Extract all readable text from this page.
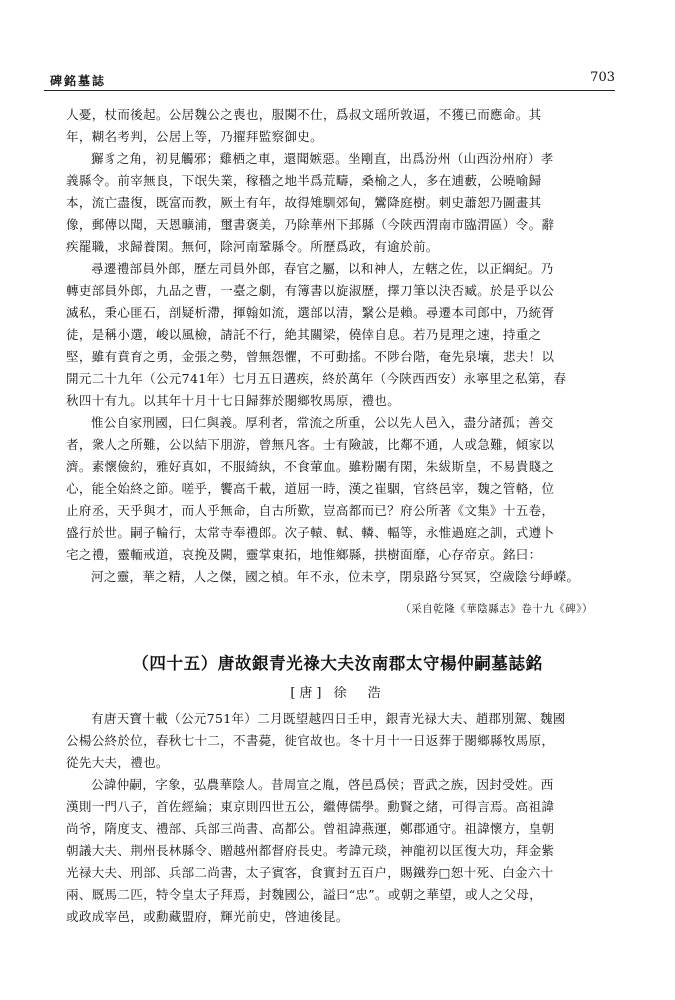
碑銘墓誌	703

人憂，杖而後起。公居魏公之喪也，服闋不仕，爲叔文瑶所敦逼，不獲已而應命。其
年，糊名考判，公居上等，乃擢拜監察御史。

獬豸之角，初見觸邪；雞栖之車，還聞嫉惡。坐剛直，出爲汾州（山西汾州府）孝
義縣令。前宰無良，下氓失業，稼穡之地半爲荒疇，桑榆之人，多在逋藪，公曉喻歸
本，流亡盡復，既富而教，厥土有年，故得雉馴郊甸，鸞降庭樹。刺史蕭恕乃圖畫其
像，郵傳以聞，天恩曠浦，璽書褒美，乃除華州下邽縣（今陝西渭南市臨渭區）令。辭
疾罷職，求歸養閑。無何，除河南鞏縣令。所歷爲政，有逾於前。

尋遷禮部員外郎，歷左司員外郎，春官之屬，以和神人，左轄之佐，以正綱紀。乃
轉吏部員外郎，九品之曹，一臺之劇，有簿書以旋淑歷，擇刀筆以決否臧。於是乎以公
滅私，秉心匪石，剖疑析滯，揮翰如流，選部以清，繄公是賴。尋遷本司郎中，乃統胥
徒，是稱小選，峻以風檢，請託不行，絶其關梁，僥倖自息。若乃見理之速，持重之
堅，雖有賁育之勇，金張之勢，曾無怨懼，不可動搖。不陟台階，奄先泉壤，悲夫！以
開元二十九年（公元741年）七月五日遘疾，終於萬年（今陝西西安）永寧里之私第，春
秋四十有九。以其年十月十七日歸葬於閿鄉牧馬原，禮也。

惟公自家刑國，曰仁與義。厚利者，常流之所重，公以先人邑入，盡分諸孤；善交
者，衆人之所難，公以結下朋游，曾無凡客。士有險詖，比鄰不通，人或急難，傾家以
濟。素懷儉約，雅好真如，不服綺紈，不食葷血。雖粉闈有閑，朱紱斯皇，不易貴賤之
心，能全始終之節。嗟乎，饗高千載，道屈一時，漢之崔駰，官終邑宰，魏之管輅，位
止府丞，天乎與才，而人乎無命，自古所歎，豈高都而已？府公所著《文集》十五卷，
盛行於世。嗣子輪行，太常寺奉禮郎。次子轅、軾、轔、輻等，永惟過庭之訓，式遵卜
宅之禮，靈輀戒道，哀挽及闕，靈掌東拓，地惟鄉縣，拱樹面靡，心存帝京。銘曰：

河之靈，華之精，人之傑，國之楨。年不永，位未亨，閉泉路兮冥冥，空歲陰兮崢嶸。

（采自乾隆《華陰縣志》卷十九《碑》）
（四十五）唐故銀青光祿大夫汝南郡太守楊仲嗣墓誌銘
[唐] 徐　浩

有唐天寶十載（公元751年）二月既望越四日壬申，銀青光禄大夫、趙郡別駕、魏國
公楊公終於位，春秋七十二，不書薨，徙官故也。冬十月十一日返葬于閿鄉縣牧馬原，
從先大夫，禮也。

公諱仲嗣，字象，弘農華陰人。昔周宣之胤，啓邑爲侯；晋武之族，因封受姓。西
漢則一門八子，首佐經綸；東京則四世五公，繼傳儒學。勳賢之緒，可得言焉。高祖諱
尚爷，隋度支、禮部、兵部三尚書、高都公。曾祖諱燕運，鄭郡通守。祖諱懷方，皇朝
朝議大夫、荆州長林縣令、贈越州都督府長史。考諱元琰，神龍初以匡復大功，拜金紫
光禄大夫、刑部、兵部二尚書，太子賓客，食實封五百户，賜鐵券□恕十死、白金六十
兩、厩馬二匹，特令皇太子拜焉，封魏國公，謚曰“忠”。或朝之華望，或人之父母，
或政成宰邑，或勳藏盟府，輝光前史，啓迪後昆。
